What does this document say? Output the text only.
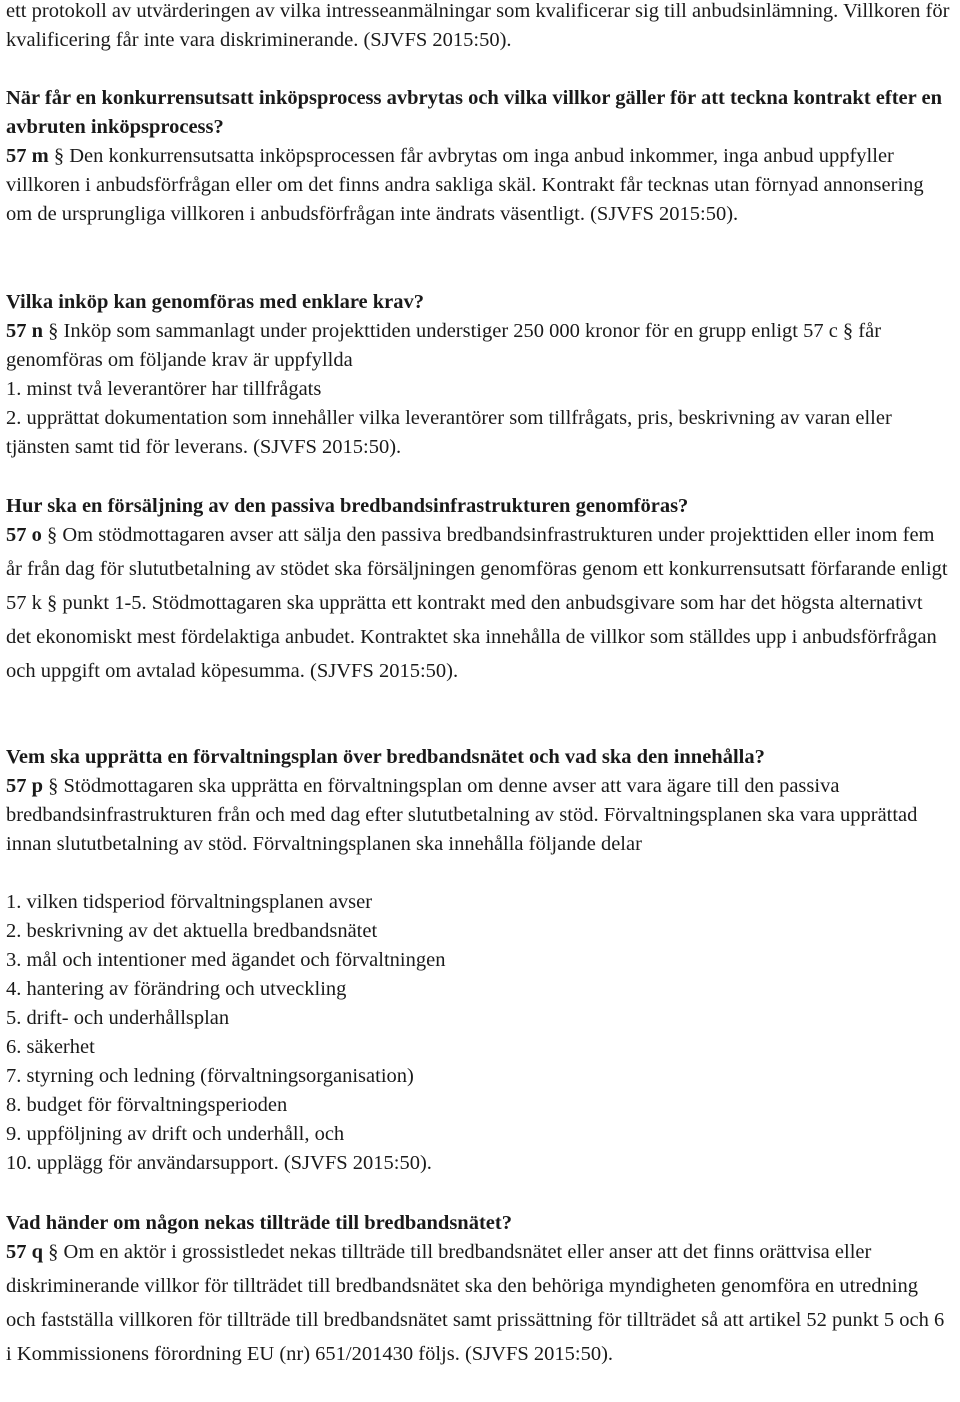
ett protokoll av utvärderingen av vilka intresseanmälningar som kvalificerar sig till anbudsinlämning. Villkoren för kvalificering får inte vara diskriminerande. (SJVFS 2015:50).

När får en konkurrensutsatt inköpsprocess avbrytas och vilka villkor gäller för att teckna kontrakt efter en avbruten inköpsprocess?

57 m § Den konkurrensutsatta inköpsprocessen får avbrytas om inga anbud inkommer, inga anbud uppfyller villkoren i anbudsförfrågan eller om det finns andra sakliga skäl. Kontrakt får tecknas utan förnyad annonsering om de ursprungliga villkoren i anbudsförfrågan inte ändrats väsentligt. (SJVFS 2015:50).

Vilka inköp kan genomföras med enklare krav?

57 n § Inköp som sammanlagt under projekttiden understiger 250 000 kronor för en grupp enligt 57 c § får genomföras om följande krav är uppfyllda

1. minst två leverantörer har tillfrågats
2. upprättat dokumentation som innehåller vilka leverantörer som tillfrågats, pris, beskrivning av varan eller tjänsten samt tid för leverans. (SJVFS 2015:50).
Hur ska en försäljning av den passiva bredbandsinfrastrukturen genomföras?

57 o § Om stödmottagaren avser att sälja den passiva bredbandsinfrastrukturen under projekttiden eller inom fem år från dag för slututbetalning av stödet ska försäljningen genomföras genom ett konkurrensutsatt förfarande enligt 57 k § punkt 1-5. Stödmottagaren ska upprätta ett kontrakt med den anbudsgivare som har det högsta alternativt det ekonomiskt mest fördelaktiga anbudet. Kontraktet ska innehålla de villkor som ställdes upp i anbudsförfrågan och uppgift om avtalad köpesumma. (SJVFS 2015:50).

Vem ska upprätta en förvaltningsplan över bredbandsnätet och vad ska den innehålla?

57 p § Stödmottagaren ska upprätta en förvaltningsplan om denne avser att vara ägare till den passiva bredbandsinfrastrukturen från och med dag efter slututbetalning av stöd. Förvaltningsplanen ska vara upprättad innan slututbetalning av stöd. Förvaltningsplanen ska innehålla följande delar

1. vilken tidsperiod förvaltningsplanen avser
2. beskrivning av det aktuella bredbandsnätet
3. mål och intentioner med ägandet och förvaltningen
4. hantering av förändring och utveckling
5. drift- och underhållsplan
6. säkerhet
7. styrning och ledning (förvaltningsorganisation)
8. budget för förvaltningsperioden
9. uppföljning av drift och underhåll, och
10. upplägg för användarsupport. (SJVFS 2015:50).
Vad händer om någon nekas tillträde till bredbandsnätet?

57 q § Om en aktör i grossistledet nekas tillträde till bredbandsnätet eller anser att det finns orättvisa eller diskriminerande villkor för tillträdet till bredbandsnätet ska den behöriga myndigheten genomföra en utredning och fastställa villkoren för tillträde till bredbandsnätet samt prissättning för tillträdet så att artikel 52 punkt 5 och 6 i Kommissionens förordning EU (nr) 651/201430 följs. (SJVFS 2015:50).
